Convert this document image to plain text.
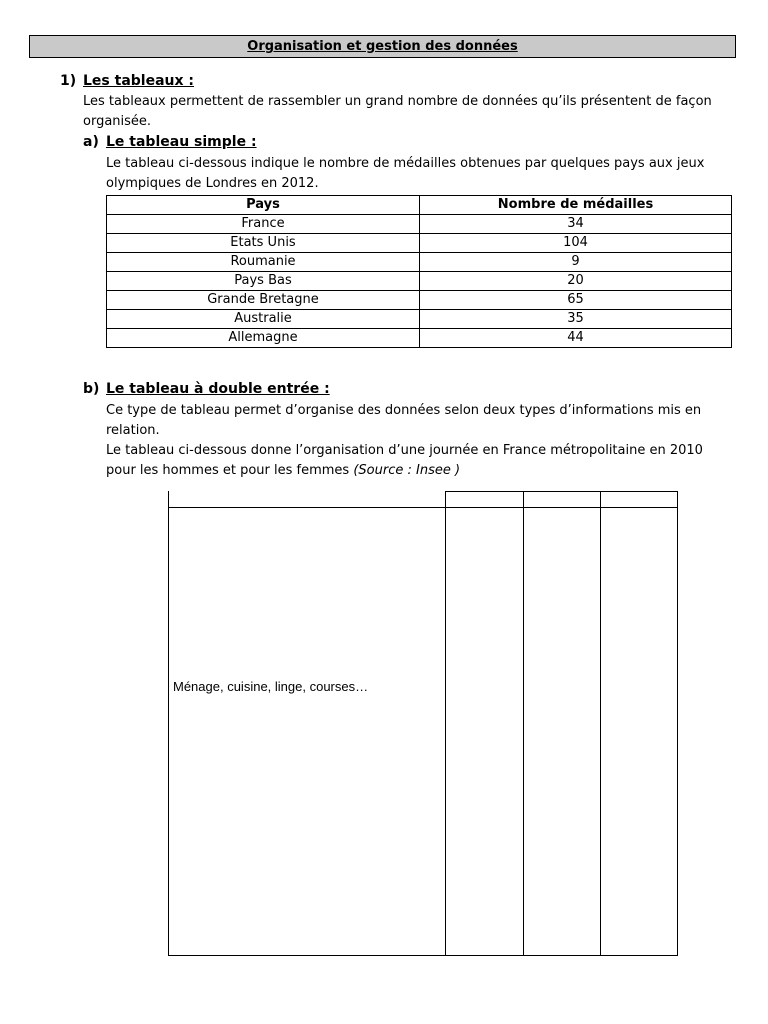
Organisation et gestion des données
1) Les tableaux :
Les tableaux permettent de rassembler un grand nombre de données qu’ils présentent de façon
organisée.
a) Le tableau simple :
Le tableau ci-dessous indique le nombre de médailles obtenues par quelques pays aux jeux
olympiques de Londres en 2012.
Pays	Nombre de médailles
France	34
Etats Unis	104
Roumanie	9
Pays Bas	20
Grande Bretagne	65
Australie	35
Allemagne	44
b) Le tableau à double entrée :
Ce type de tableau permet d’organise des données selon deux types d’informations mis en
relation.
Le tableau ci-dessous donne l’organisation d’une journée en France métropolitaine en 2010
pour les hommes et pour les femmes (Source : Insee )
Ménage, cuisine, linge, courses…
